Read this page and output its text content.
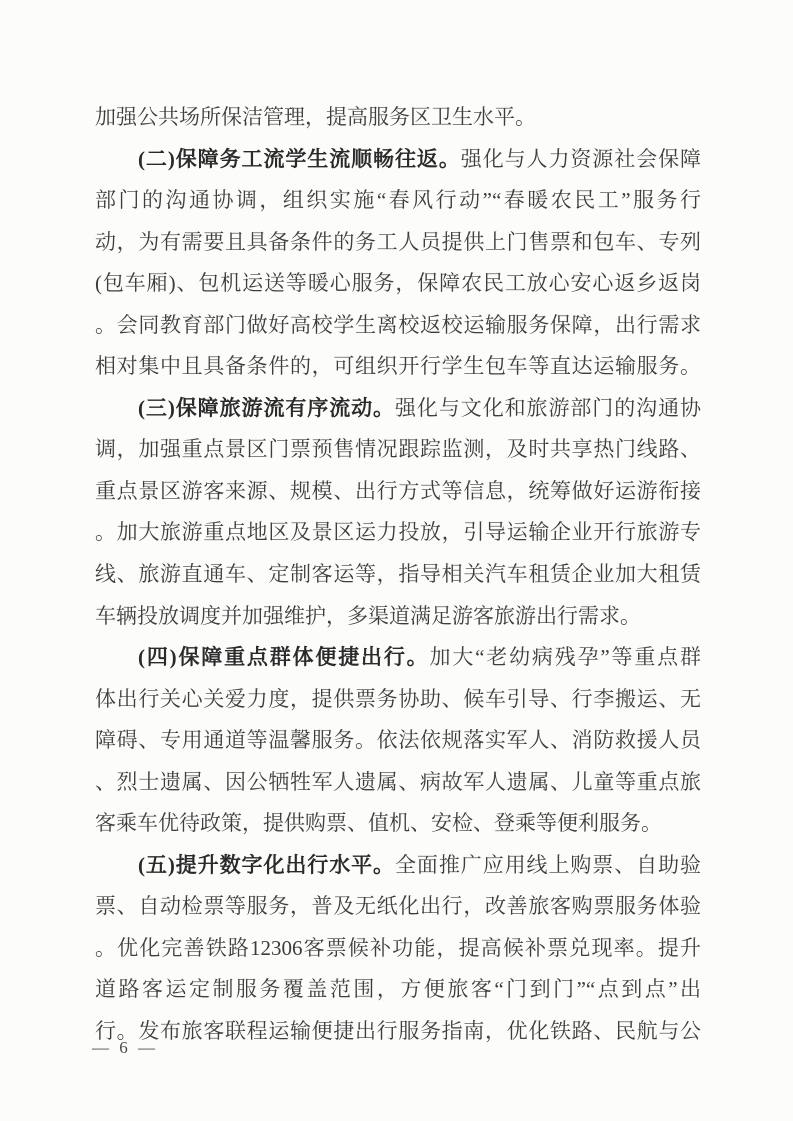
加强公共场所保洁管理，提高服务区卫生水平。
(二)保障务工流学生流顺畅往返。强化与人力资源社会保障
部门的沟通协调，组织实施“春风行动”“春暖农民工”服务行
动，为有需要且具备条件的务工人员提供上门售票和包车、专列
(包车厢)、包机运送等暖心服务，保障农民工放心安心返乡返岗
。会同教育部门做好高校学生离校返校运输服务保障，出行需求
相对集中且具备条件的，可组织开行学生包车等直达运输服务。
(三)保障旅游流有序流动。强化与文化和旅游部门的沟通协
调，加强重点景区门票预售情况跟踪监测，及时共享热门线路、
重点景区游客来源、规模、出行方式等信息，统筹做好运游衔接
。加大旅游重点地区及景区运力投放，引导运输企业开行旅游专
线、旅游直通车、定制客运等，指导相关汽车租赁企业加大租赁
车辆投放调度并加强维护，多渠道满足游客旅游出行需求。
(四)保障重点群体便捷出行。加大“老幼病残孕”等重点群
体出行关心关爱力度，提供票务协助、候车引导、行李搬运、无
障碍、专用通道等温馨服务。依法依规落实军人、消防救援人员
、烈士遗属、因公牺牲军人遗属、病故军人遗属、儿童等重点旅
客乘车优待政策，提供购票、值机、安检、登乘等便利服务。
(五)提升数字化出行水平。全面推广应用线上购票、自助验
票、自动检票等服务，普及无纸化出行，改善旅客购票服务体验
。优化完善铁路12306客票候补功能，提高候补票兑现率。提升
道路客运定制服务覆盖范围，方便旅客“门到门”“点到点”出
行。发布旅客联程运输便捷出行服务指南，优化铁路、民航与公
— 6 —
